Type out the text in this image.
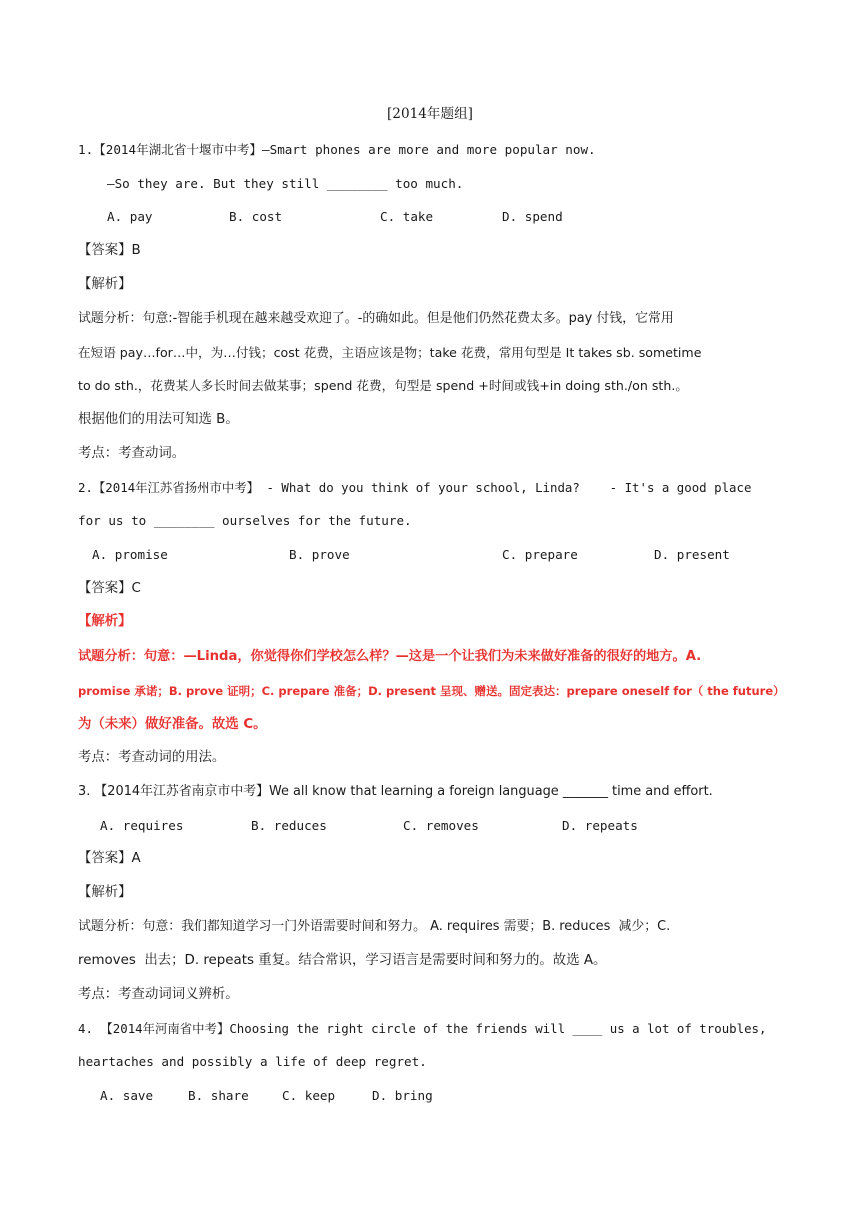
[2014年题组]
1.【2014年湖北省十堰市中考】—Smart phones are more and more popular now.
—So they are. But they still ________ too much.
A. pay	B. cost	C. take	D. spend
【答案】B
【解析】
试题分析：句意:-智能手机现在越来越受欢迎了。-的确如此。但是他们仍然花费太多。pay 付钱，它常用
在短语 pay…for…中，为…付钱；cost 花费，主语应该是物；take 花费，常用句型是 It takes sb. sometime
to do sth.，花费某人多长时间去做某事；spend 花费，句型是 spend +时间或钱+in doing sth./on sth.。
根据他们的用法可知选 B。
考点：考查动词。
2.【2014年江苏省扬州市中考】 - What do you think of your school, Linda?    - It's a good place
for us to ________ ourselves for the future.
A. promise	B. prove	C. prepare	D. present
【答案】C
【解析】
试题分析：句意：—Linda，你觉得你们学校怎么样？—这是一个让我们为未来做好准备的很好的地方。A.
promise 承诺；B. prove 证明；C. prepare 准备；D. present 呈现、赠送。固定表达：prepare oneself for（ the future）
为（未来）做好准备。故选 C。
考点：考查动词的用法。
3. 【2014年江苏省南京市中考】We all know that learning a foreign language _______ time and effort.
A. requires	B. reduces	C. removes	D. repeats
【答案】A
【解析】
试题分析：句意：我们都知道学习一门外语需要时间和努力。 A. requires 需要；B. reduces  减少；C.
removes  出去；D. repeats 重复。结合常识，学习语言是需要时间和努力的。故选 A。
考点：考查动词词义辨析。
4. 【2014年河南省中考】Choosing the right circle of the friends will ____ us a lot of troubles,
heartaches and possibly a life of deep regret.
A. save	B. share	C. keep	D. bring
